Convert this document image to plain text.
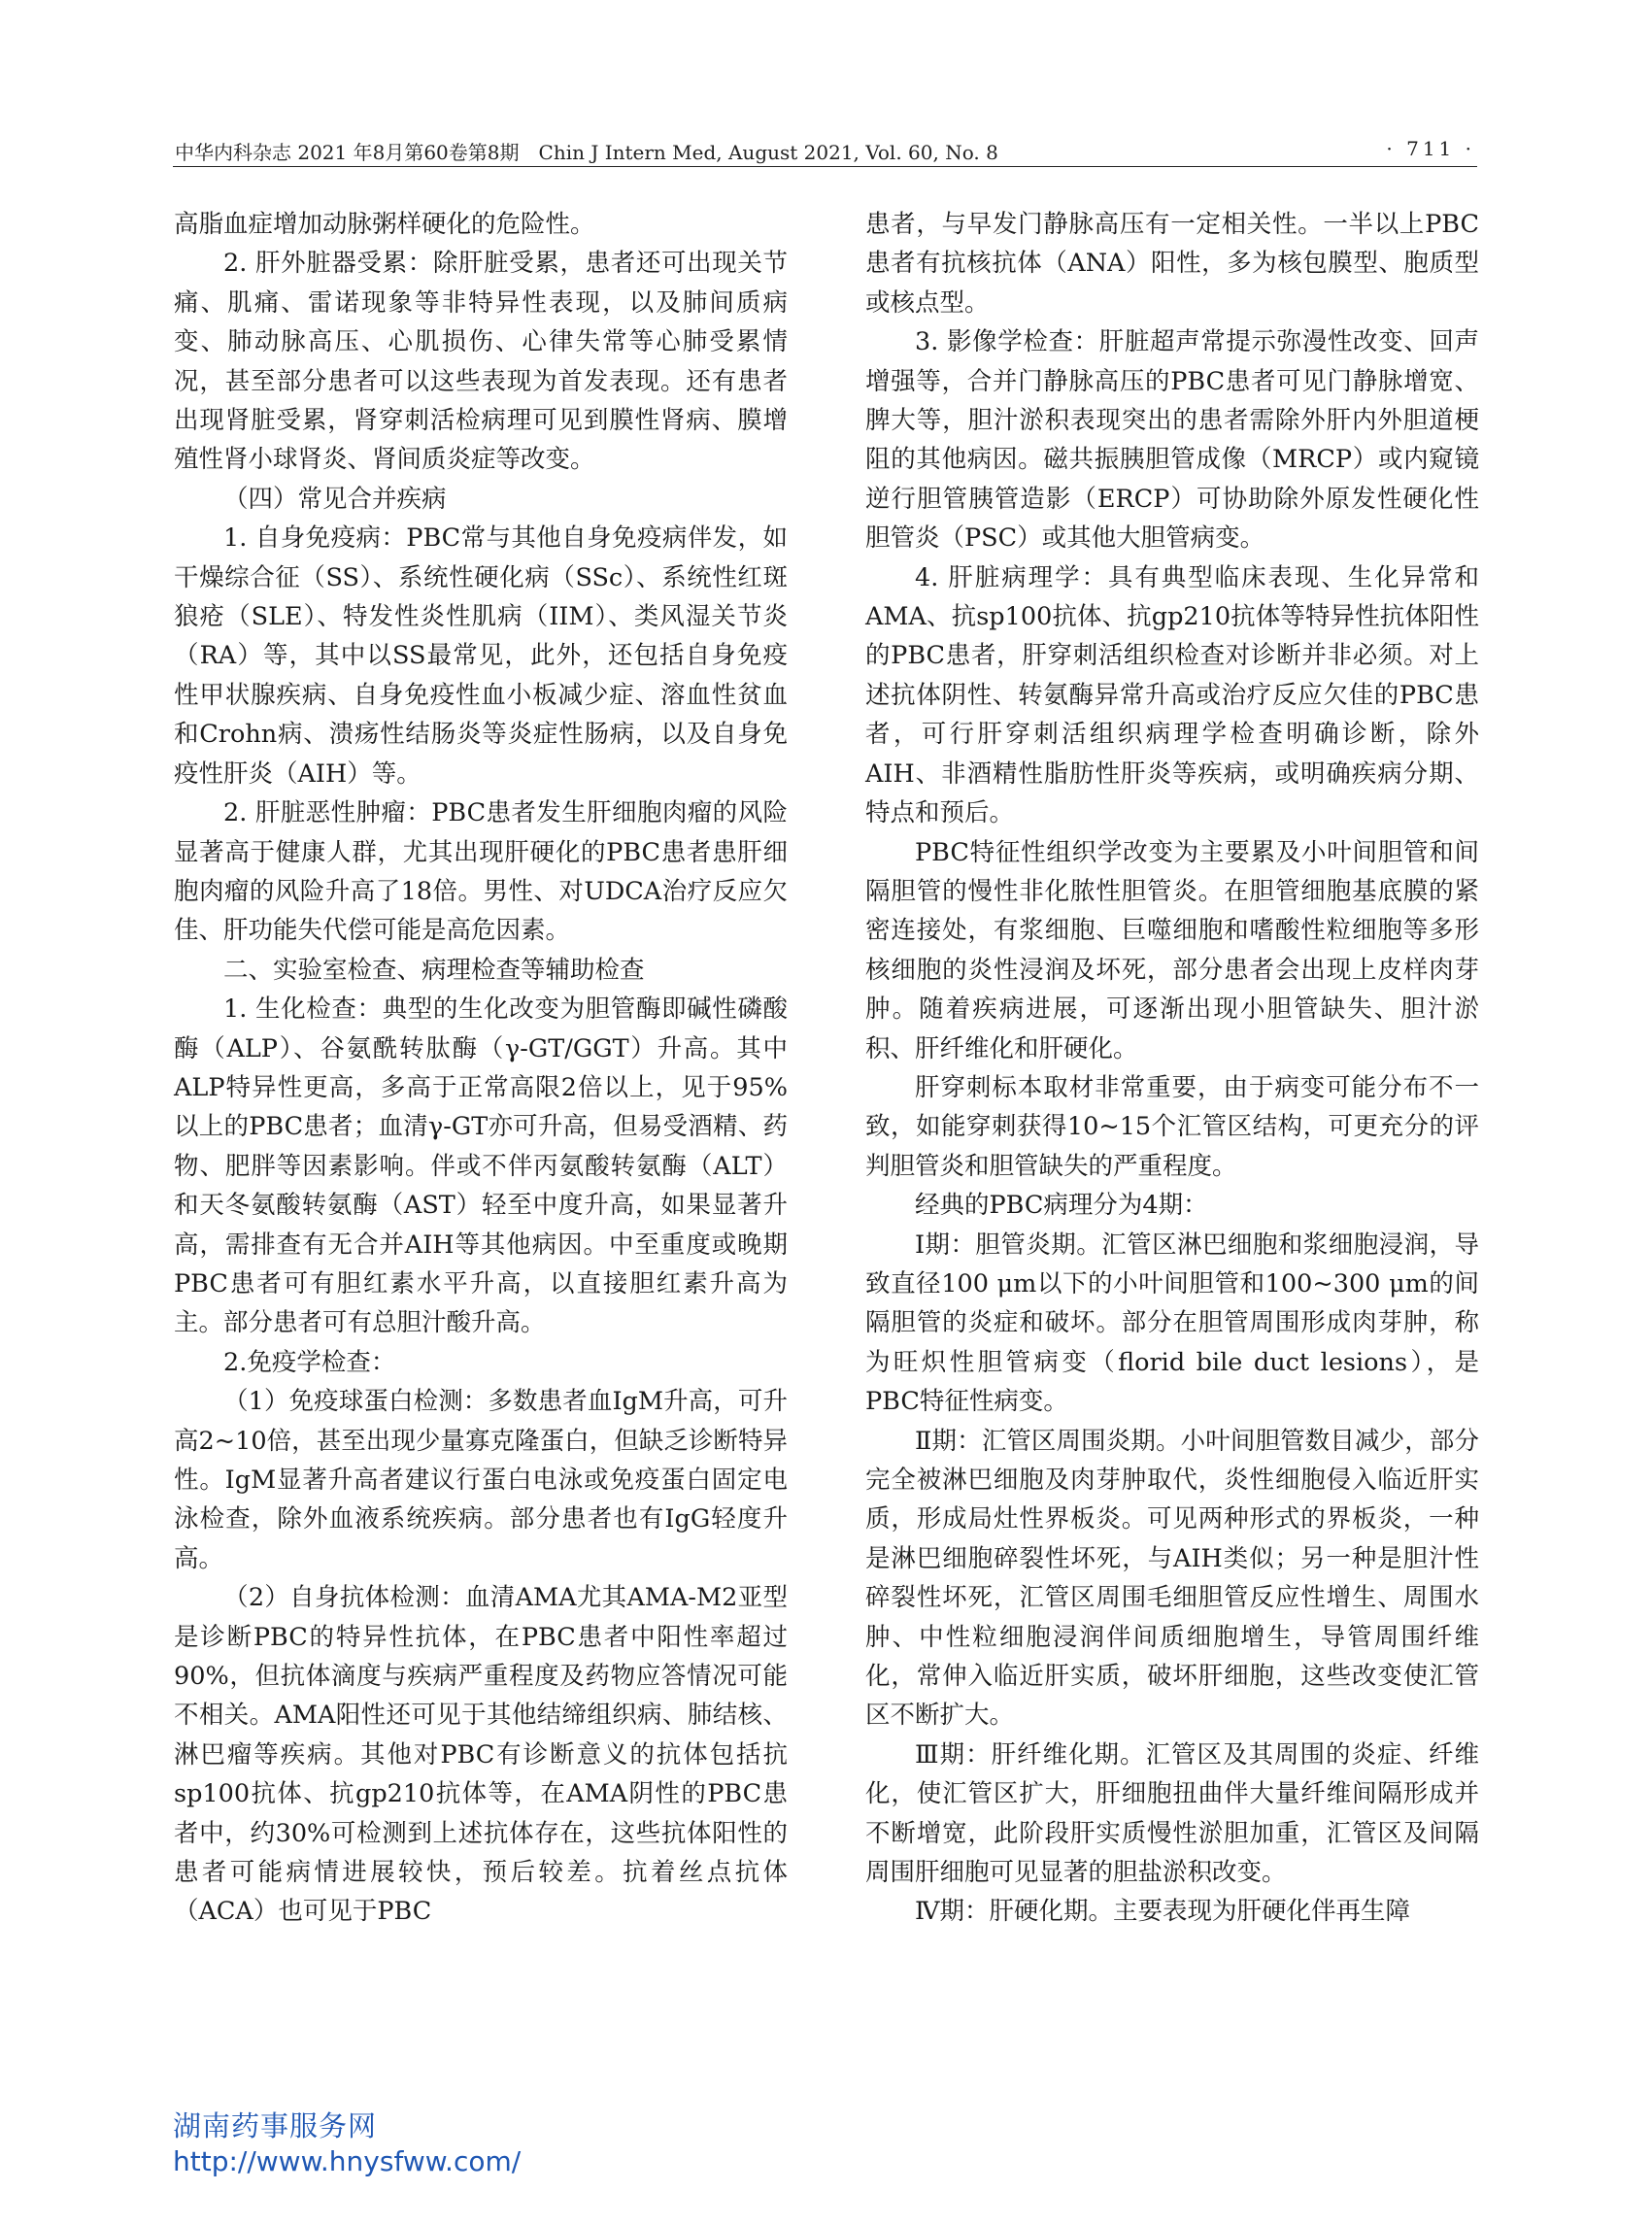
中华内科杂志 2021 年8月第60卷第8期　Chin J Intern Med, August 2021, Vol. 60, No. 8	· 711 ·

高脂血症增加动脉粥样硬化的危险性。

2. 肝外脏器受累：除肝脏受累，患者还可出现关节痛、肌痛、雷诺现象等非特异性表现，以及肺间质病变、肺动脉高压、心肌损伤、心律失常等心肺受累情况，甚至部分患者可以这些表现为首发表现。还有患者出现肾脏受累，肾穿刺活检病理可见到膜性肾病、膜增殖性肾小球肾炎、肾间质炎症等改变。

（四）常见合并疾病

1. 自身免疫病：PBC常与其他自身免疫病伴发，如干燥综合征（SS）、系统性硬化病（SSc）、系统性红斑狼疮（SLE）、特发性炎性肌病（IIM）、类风湿关节炎（RA）等，其中以SS最常见，此外，还包括自身免疫性甲状腺疾病、自身免疫性血小板减少症、溶血性贫血和Crohn病、溃疡性结肠炎等炎症性肠病，以及自身免疫性肝炎（AIH）等。

2. 肝脏恶性肿瘤：PBC患者发生肝细胞肉瘤的风险显著高于健康人群，尤其出现肝硬化的PBC患者患肝细胞肉瘤的风险升高了18倍。男性、对UDCA治疗反应欠佳、肝功能失代偿可能是高危因素。

二、实验室检查、病理检查等辅助检查

1. 生化检查：典型的生化改变为胆管酶即碱性磷酸酶（ALP）、谷氨酰转肽酶（γ-GT/GGT）升高。其中ALP特异性更高，多高于正常高限2倍以上，见于95%以上的PBC患者；血清γ-GT亦可升高，但易受酒精、药物、肥胖等因素影响。伴或不伴丙氨酸转氨酶（ALT）和天冬氨酸转氨酶（AST）轻至中度升高，如果显著升高，需排查有无合并AIH等其他病因。中至重度或晚期PBC患者可有胆红素水平升高，以直接胆红素升高为主。部分患者可有总胆汁酸升高。

2.免疫学检查：

（1）免疫球蛋白检测：多数患者血IgM升高，可升高2~10倍，甚至出现少量寡克隆蛋白，但缺乏诊断特异性。IgM显著升高者建议行蛋白电泳或免疫蛋白固定电泳检查，除外血液系统疾病。部分患者也有IgG轻度升高。

（2）自身抗体检测：血清AMA尤其AMA-M2亚型是诊断PBC的特异性抗体，在PBC患者中阳性率超过90%，但抗体滴度与疾病严重程度及药物应答情况可能不相关。AMA阳性还可见于其他结缔组织病、肺结核、淋巴瘤等疾病。其他对PBC有诊断意义的抗体包括抗sp100抗体、抗gp210抗体等，在AMA阴性的PBC患者中，约30%可检测到上述抗体存在，这些抗体阳性的患者可能病情进展较快，预后较差。抗着丝点抗体（ACA）也可见于PBC

患者，与早发门静脉高压有一定相关性。一半以上PBC患者有抗核抗体（ANA）阳性，多为核包膜型、胞质型或核点型。

3. 影像学检查：肝脏超声常提示弥漫性改变、回声增强等，合并门静脉高压的PBC患者可见门静脉增宽、脾大等，胆汁淤积表现突出的患者需除外肝内外胆道梗阻的其他病因。磁共振胰胆管成像（MRCP）或内窥镜逆行胆管胰管造影（ERCP）可协助除外原发性硬化性胆管炎（PSC）或其他大胆管病变。

4. 肝脏病理学：具有典型临床表现、生化异常和AMA、抗sp100抗体、抗gp210抗体等特异性抗体阳性的PBC患者，肝穿刺活组织检查对诊断并非必须。对上述抗体阴性、转氨酶异常升高或治疗反应欠佳的PBC患者，可行肝穿刺活组织病理学检查明确诊断，除外AIH、非酒精性脂肪性肝炎等疾病，或明确疾病分期、特点和预后。

PBC特征性组织学改变为主要累及小叶间胆管和间隔胆管的慢性非化脓性胆管炎。在胆管细胞基底膜的紧密连接处，有浆细胞、巨噬细胞和嗜酸性粒细胞等多形核细胞的炎性浸润及坏死，部分患者会出现上皮样肉芽肿。随着疾病进展，可逐渐出现小胆管缺失、胆汁淤积、肝纤维化和肝硬化。

肝穿刺标本取材非常重要，由于病变可能分布不一致，如能穿刺获得10~15个汇管区结构，可更充分的评判胆管炎和胆管缺失的严重程度。

经典的PBC病理分为4期：

Ⅰ期：胆管炎期。汇管区淋巴细胞和浆细胞浸润，导致直径100 μm以下的小叶间胆管和100~300 μm的间隔胆管的炎症和破坏。部分在胆管周围形成肉芽肿，称为旺炽性胆管病变（florid bile duct lesions），是PBC特征性病变。

Ⅱ期：汇管区周围炎期。小叶间胆管数目减少，部分完全被淋巴细胞及肉芽肿取代，炎性细胞侵入临近肝实质，形成局灶性界板炎。可见两种形式的界板炎，一种是淋巴细胞碎裂性坏死，与AIH类似；另一种是胆汁性碎裂性坏死，汇管区周围毛细胆管反应性增生、周围水肿、中性粒细胞浸润伴间质细胞增生，导管周围纤维化，常伸入临近肝实质，破坏肝细胞，这些改变使汇管区不断扩大。

Ⅲ期：肝纤维化期。汇管区及其周围的炎症、纤维化，使汇管区扩大，肝细胞扭曲伴大量纤维间隔形成并不断增宽，此阶段肝实质慢性淤胆加重，汇管区及间隔周围肝细胞可见显著的胆盐淤积改变。

Ⅳ期：肝硬化期。主要表现为肝硬化伴再生障

湖南药事服务网
http://www.hnysfww.com/
